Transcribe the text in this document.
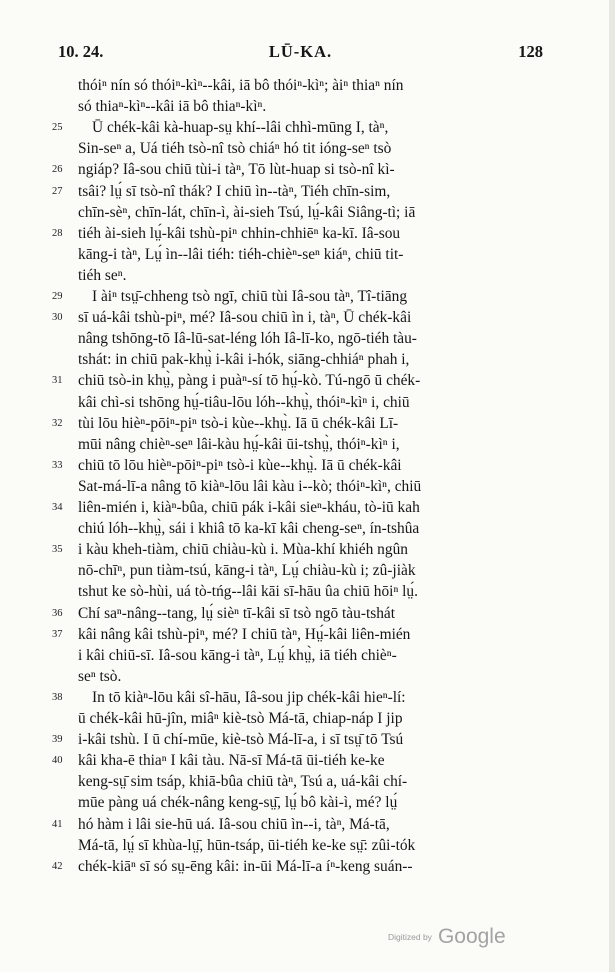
10. 24.	LŪ-KA.	128
thóiⁿ nín só thóiⁿ-kìⁿ--kâi, iā bô thóiⁿ-kìⁿ; àiⁿ thiaⁿ nín
só thiaⁿ-kìⁿ--kâi iā bô thiaⁿ-kìⁿ.
25	Ū chék-kâi kà-huap-sṳ khí--lâi chhì-mūng I, tàⁿ,
Sin-seⁿ a, Uá tiéh tsò-nî tsò chiáⁿ hó tit ióng-seⁿ tsò
26	ngiáp? Iâ-sou chiū tùi-i tàⁿ, Tō lùt-huap si tsò-nî kì-
27	tsâi? lṳ́ sī tsò-nî thák? I chiū ìn--tàⁿ, Tiéh chīn-sim,
chīn-sèⁿ, chīn-lát, chīn-ì, ài-sieh Tsú, lṳ́-kâi Siâng-tì; iā
28	tiéh ài-sieh lṳ́-kâi tshù-piⁿ chhin-chhiēⁿ ka-kī. Iâ-sou
kāng-i tàⁿ, Lṳ́ ìn--lâi tiéh: tiéh-chièⁿ-seⁿ kiáⁿ, chiū tit-
tiéh seⁿ.
29	I àiⁿ tsṳ̄-chheng tsò ngī, chiū tùi Iâ-sou tàⁿ, Tî-tiāng
30	sī uá-kâi tshù-piⁿ, mé? Iâ-sou chiū ìn i, tàⁿ, Ū chék-kâi
nâng tshōng-tō Iâ-lū-sat-léng lóh Iâ-lī-ko, ngō-tiéh tàu-
tshát: in chiū pak-khṳ̀ i-kâi i-hók, siāng-chhiáⁿ phah i,
31	chiū tsò-in khṳ̀, pàng i puàⁿ-sí tō hṳ́-kò. Tú-ngō ū chék-
kâi chì-si tshōng hṳ́-tiâu-lōu lóh--khṳ̀, thóiⁿ-kìⁿ i, chiū
32	tùi lōu hièⁿ-pōiⁿ-piⁿ tsò-i kùe--khṳ̀. Iā ū chék-kâi Lī-
mūi nâng chièⁿ-seⁿ lâi-kàu hṳ́-kâi ūi-tshṳ̀, thóiⁿ-kìⁿ i,
33	chiū tō lōu hièⁿ-pōiⁿ-piⁿ tsò-i kùe--khṳ̀. Iā ū chék-kâi
Sat-má-lī-a nâng tō kiàⁿ-lōu lâi kàu i--kò; thóiⁿ-kìⁿ, chiū
34	liên-mién i, kiàⁿ-bûa, chiū pák i-kâi sieⁿ-kháu, tò-iū kah
chiú lóh--khṳ̀, sái i khiâ tō ka-kī kâi cheng-seⁿ, ín-tshûa
35	i kàu kheh-tiàm, chiū chiàu-kù i. Mùa-khí khiéh ngûn
nō-chīⁿ, pun tiàm-tsú, kāng-i tàⁿ, Lṳ́ chiàu-kù i; zû-jiàk
tshut ke sò-hùi, uá tò-tńg--lâi kāi sī-hāu ûa chiū hōiⁿ lṳ́.
36	Chí saⁿ-nâng--tang, lṳ́ sièⁿ tī-kâi sī tsò ngō tàu-tshát
37	kâi nâng kâi tshù-piⁿ, mé? I chiū tàⁿ, Hṳ́-kâi liên-mién
i kâi chiū-sī. Iâ-sou kāng-i tàⁿ, Lṳ́ khṳ̀, iā tiéh chièⁿ-
seⁿ tsò.
38	In tō kiàⁿ-lōu kâi sî-hāu, Iâ-sou jip chék-kâi hieⁿ-lí:
ū chék-kâi hū-jîn, miâⁿ kiè-tsò Má-tā, chiap-náp I jip
39	i-kâi tshù. I ū chí-mūe, kiè-tsò Má-lī-a, i sī tsṳ̄ tō Tsú
40	kâi kha-ē thiaⁿ I kâi tàu. Nā-sī Má-tā ūi-tiéh ke-ke
keng-sṳ̄ sim tsáp, khiā-bûa chiū tàⁿ, Tsú a, uá-kâi chí-
mūe pàng uá chék-nâng keng-sṳ̄, lṳ́ bô kài-ì, mé? lṳ́
41	hó hàm i lâi sie-hū uá. Iâ-sou chiū ìn--i, tàⁿ, Má-tā,
Má-tā, lṳ́ sī khùa-lṳ̄, hūn-tsáp, ūi-tiéh ke-ke sṳ̄: zûi-tók
42	chék-kiāⁿ sī só sṳ-ēng kâi: in-ūi Má-lī-a íⁿ-keng suán--
Digitized by Google
